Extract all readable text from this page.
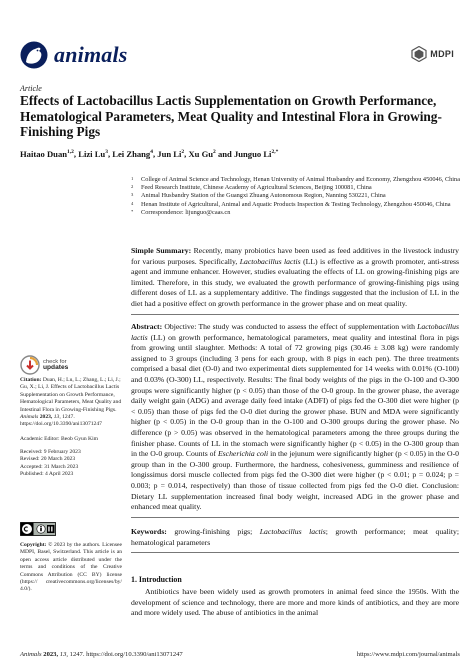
animals	MDPI
Article
Effects of Lactobacillus Lactis Supplementation on Growth Performance, Hematological Parameters, Meat Quality and Intestinal Flora in Growing-Finishing Pigs
Haitao Duan$^{1,2}$, Lizi Lu$^3$, Lei Zhang$^4$, Jun Li$^2$, Xu Gu$^2$ and Junguo $Li^{2,*}$
1 College of Animal Science and Technology, Henan University of Animal Husbandry and Economy, Zhengzhou 450046, China
2 Feed Research Institute, Chinese Academy of Agricultural Sciences, Beijing 100081, China
3 Animal Husbandry Station of the Guangxi Zhuang Autonomous Region, Nanning 530221, China
4 Henan Institute of Agricultural, Animal and Aquatic Products Inspection & Testing Technology, Zhengzhou 450046, China
* Correspondence: lijunguo@caas.cn
Simple Summary: Recently, many probiotics have been used as feed additives in the livestock industry for various purposes. Specifically, Lactobacillus lactis (LL) is effective as a growth promoter, anti-stress agent and immune enhancer. However, studies evaluating the effects of LL on growing-finishing pigs are limited. Therefore, in this study, we evaluated the growth performance of growing-finishing pigs using different doses of LL as a supplementary additive. The findings suggested that the inclusion of LL in the diet had a positive effect on growth performance in the grower phase and on meat quality.
Abstract: Objective: The study was conducted to assess the effect of supplementation with Lactobacillus lactis (LL) on growth performance, hematological parameters, meat quality and intestinal flora in pigs from growing until slaughter. Methods: A total of 72 growing pigs (30.46 ± 3.08 kg) were randomly assigned to 3 groups (including 3 pens for each group, with 8 pigs in each pen). The three treatments comprised a basal diet (O-0) and two experimental diets supplemented for 14 weeks with 0.01% (O-100) and 0.03% (O-300) LL, respectively. Results: The final body weights of the pigs in the O-100 and O-300 groups were significantly higher (p < 0.05) than those of the O-0 group. In the grower phase, the average daily weight gain (ADG) and average daily feed intake (ADFI) of pigs fed the O-300 diet were higher (p < 0.05) than those of pigs fed the O-0 diet during the grower phase. BUN and MDA were significantly higher (p < 0.05) in the O-0 group than in the O-100 and O-300 groups during the grower phase. No difference (p > 0.05) was observed in the hematological parameters among the three groups during the finisher phase. Counts of LL in the stomach were significantly higher (p < 0.05) in the O-300 group than in the O-0 group. Counts of Escherichia coli in the jejunum were significantly higher (p < 0.05) in the O-0 group than in the O-300 group. Furthermore, the hardness, cohesiveness, gumminess and resilience of longissimus dorsi muscle collected from pigs fed the O-300 diet were higher (p < 0.01; p = 0.024; p = 0.003; p = 0.014, respectively) than those of tissue collected from pigs fed the O-0 diet. Conclusion: Dietary LL supplementation increased final body weight, increased ADG in the grower phase and enhanced meat quality.
Keywords: growing-finishing pigs; Lactobacillus lactis; growth performance; meat quality; hematological parameters
1. Introduction
Antibiotics have been widely used as growth promoters in animal feed since the 1950s. With the development of science and technology, there are more and more kinds of antibiotics, and they are more and more widely used. The abuse of antibiotics in the animal
check for
updates
Citation: Duan, H.; Lu, L.; Zhang, L.; Li, J.; Gu, X.; Li, J. Effects of Lactobacillus Lactis Supplementation on Growth Performance, Hematological Parameters, Meat Quality and Intestinal Flora in Growing-Finishing Pigs. Animals 2023, 13, 1247. https://doi.org/10.3390/ani13071247
Academic Editor: Beob Gyun Kim
Received: 9 February 2023
Revised: 20 March 2023
Accepted: 31 March 2023
Published: 4 April 2023
Copyright: © 2023 by the authors. Licensee MDPI, Basel, Switzerland. This article is an open access article distributed under the terms and conditions of the Creative Commons Attribution (CC BY) license (https:// creativecommons.org/licenses/by/ 4.0/).
Animals 2023, 13, 1247. https://doi.org/10.3390/ani13071247	https://www.mdpi.com/journal/animals
